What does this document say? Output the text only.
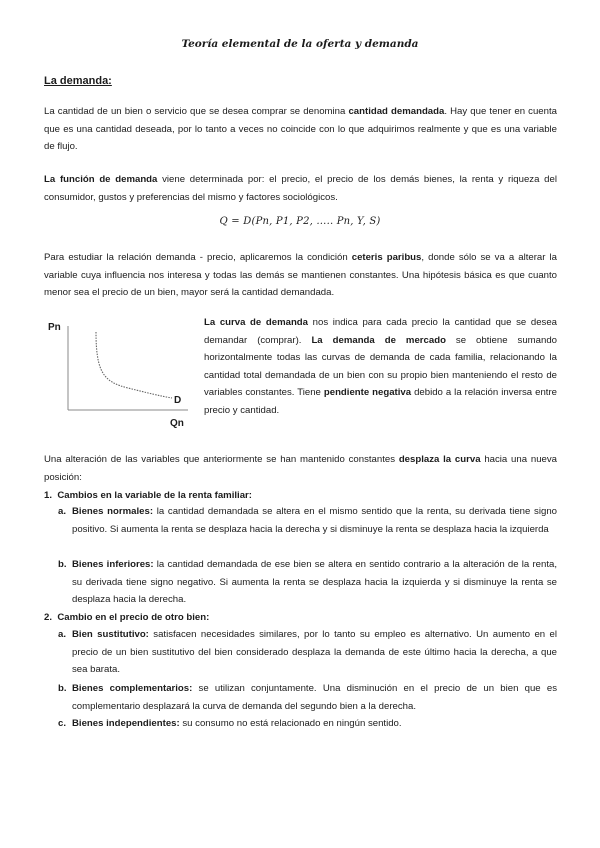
Teoría elemental de la oferta y demanda
La demanda:
La cantidad de un bien o servicio que se desea comprar se denomina cantidad demandada. Hay que tener en cuenta que es una cantidad deseada, por lo tanto a veces no coincide con lo que adquirimos realmente y que es una variable de flujo.
La función de demanda viene determinada por: el precio, el precio de los demás bienes, la renta y riqueza del consumidor, gustos y preferencias del mismo y factores sociológicos.
Q = D(Pn, P1, P2, ….. Pn, Y, S)
Para estudiar la relación demanda - precio, aplicaremos la condición ceteris paribus, donde sólo se va a alterar la variable cuya influencia nos interesa y todas las demás se mantienen constantes. Una hipótesis básica es que cuanto menor sea el precio de un bien, mayor será la cantidad demandada.
Pn
D
Qn
La curva de demanda nos indica para cada precio la cantidad que se desea demandar (comprar). La demanda de mercado se obtiene sumando horizontalmente todas las curvas de demanda de cada familia, relacionando la cantidad total demandada de un bien con su propio bien manteniendo el resto de variables constantes. Tiene pendiente negativa debido a la relación inversa entre precio y cantidad.
Una alteración de las variables que anteriormente se han mantenido constantes desplaza la curva hacia una nueva posición:
1. Cambios en la variable de la renta familiar:
a. Bienes normales: la cantidad demandada se altera en el mismo sentido que la renta, su derivada tiene signo positivo. Si aumenta la renta se desplaza hacia la derecha y si disminuye la renta se desplaza hacia la izquierda
b. Bienes inferiores: la cantidad demandada de ese bien se altera en sentido contrario a la alteración de la renta, su derivada tiene signo negativo. Si aumenta la renta se desplaza hacia la izquierda y si disminuye la renta se desplaza hacia la derecha.
2. Cambio en el precio de otro bien:
a. Bien sustitutivo: satisfacen necesidades similares, por lo tanto su empleo es alternativo. Un aumento en el precio de un bien sustitutivo del bien considerado desplaza la demanda de este último hacia la derecha, a que sea barata.
b. Bienes complementarios: se utilizan conjuntamente. Una disminución en el precio de un bien que es complementario desplazará la curva de demanda del segundo bien a la derecha.
c. Bienes independientes: su consumo no está relacionado en ningún sentido.
